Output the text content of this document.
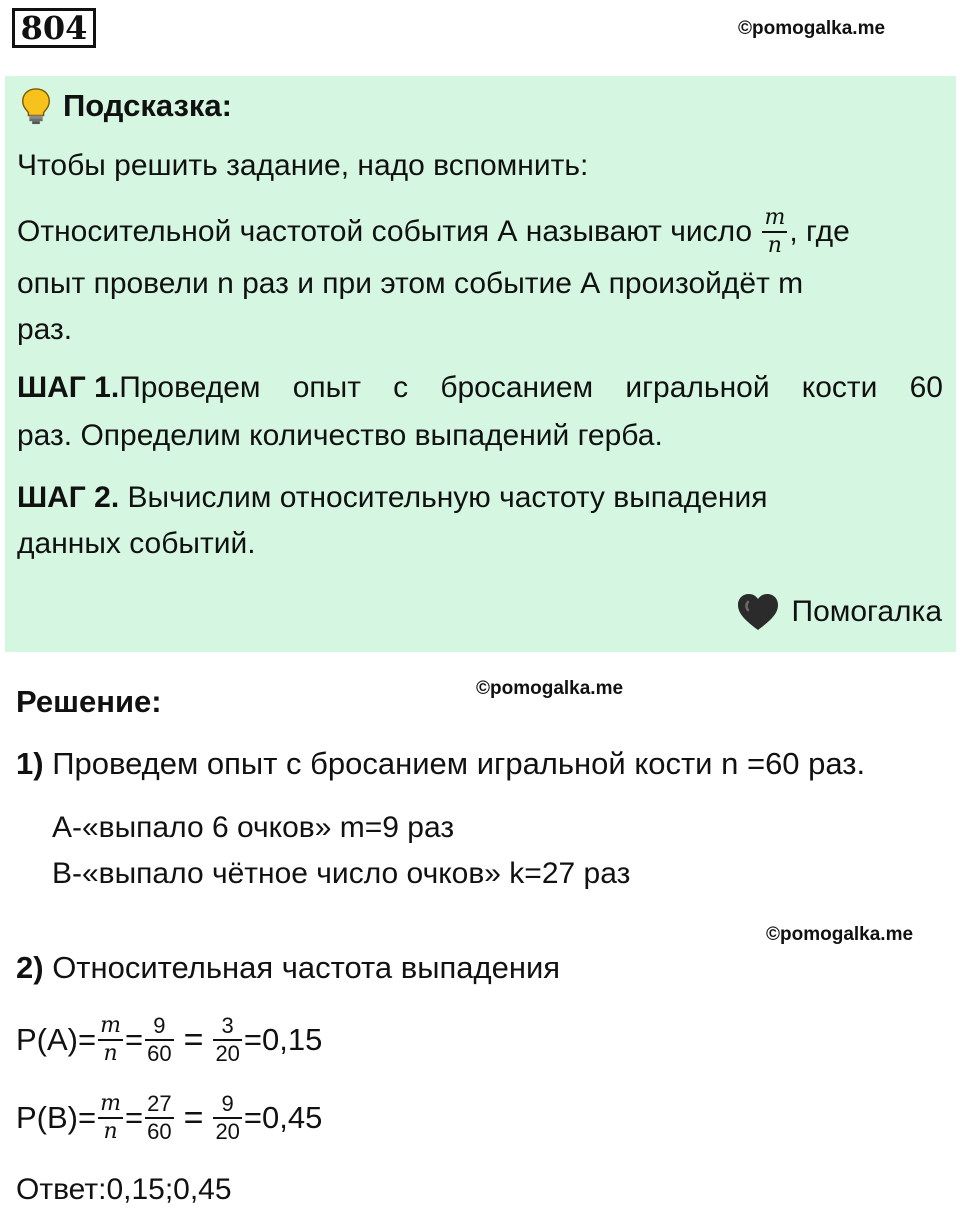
804	©pomogalka.me
Подсказка:
Чтобы решить задание, надо вспомнить:
Относительной частотой события А называют число $\frac{m}{n}$ , где
опыт провели n раз и при этом событие А произойдёт m
раз.
ШАГ 1.Проведем опыт с бросанием игральной кости 60
раз. Определим количество выпадений герба.
ШАГ 2. Вычислим относительную частоту выпадения
данных событий.
Помогалка
Решение:	©pomogalka.me
1) Проведем опыт с бросанием игральной кости n =60 раз.
А-«выпало 6 очков» m=9 раз
В-«выпало чётное число очков» k=27 раз
©pomogalka.me
2) Относительная частота выпадения
$P(A)= \frac{m}{n} = \frac{9}{60} = \frac{3}{20} =0,15$
$P(B)= \frac{m}{n} = \frac{27}{60} = \frac{9}{20} =0,45$
Ответ:0,15;0,45
